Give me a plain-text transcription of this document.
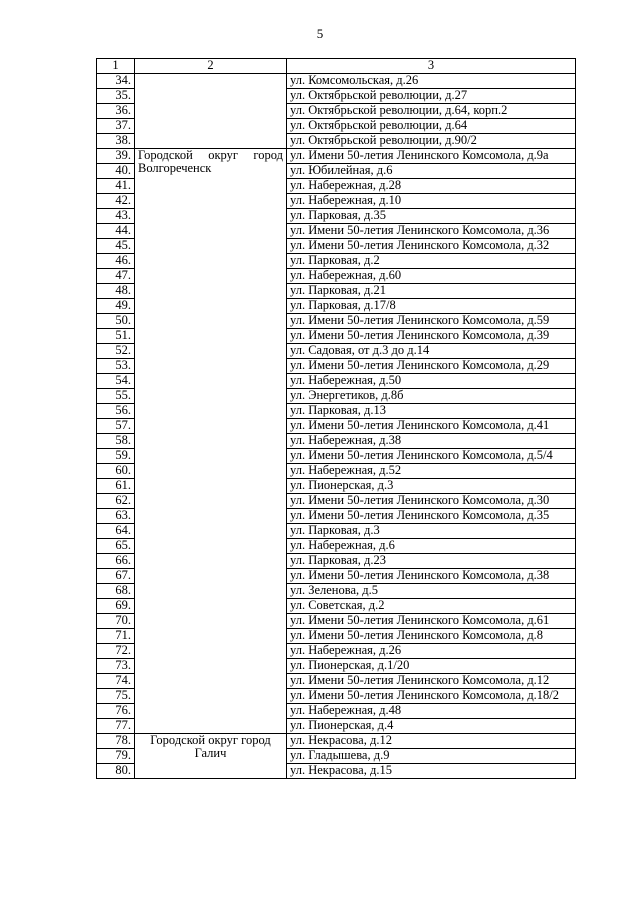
5
1	2	3
34.		ул. Комсомольская, д.26
35.		ул. Октябрьской революции, д.27
36.		ул. Октябрьской революции, д.64, корп.2
37.		ул. Октябрьской революции, д.64
38.		ул. Октябрьской революции, д.90/2
39.	Городской округ город Волгореченск	ул. Имени 50-летия Ленинского Комсомола, д.9а
40.		ул. Юбилейная, д.6
41.		ул. Набережная, д.28
42.		ул. Набережная, д.10
43.		ул. Парковая, д.35
44.		ул. Имени 50-летия Ленинского Комсомола, д.36
45.		ул. Имени 50-летия Ленинского Комсомола, д.32
46.		ул. Парковая, д.2
47.		ул. Набережная, д.60
48.		ул. Парковая, д.21
49.		ул. Парковая, д.17/8
50.		ул. Имени 50-летия Ленинского Комсомола, д.59
51.		ул. Имени 50-летия Ленинского Комсомола, д.39
52.		ул. Садовая, от д.3 до д.14
53.		ул. Имени 50-летия Ленинского Комсомола, д.29
54.		ул. Набережная, д.50
55.		ул. Энергетиков, д.8б
56.		ул. Парковая, д.13
57.		ул. Имени 50-летия Ленинского Комсомола, д.41
58.		ул. Набережная, д.38
59.		ул. Имени 50-летия Ленинского Комсомола, д.5/4
60.		ул. Набережная, д.52
61.		ул. Пионерская, д.3
62.		ул. Имени 50-летия Ленинского Комсомола, д.30
63.		ул. Имени 50-летия Ленинского Комсомола, д.35
64.		ул. Парковая, д.3
65.		ул. Набережная, д.6
66.		ул. Парковая, д.23
67.		ул. Имени 50-летия Ленинского Комсомола, д.38
68.		ул. Зеленова, д.5
69.		ул. Советская, д.2
70.		ул. Имени 50-летия Ленинского Комсомола, д.61
71.		ул. Имени 50-летия Ленинского Комсомола, д.8
72.		ул. Набережная, д.26
73.		ул. Пионерская, д.1/20
74.		ул. Имени 50-летия Ленинского Комсомола, д.12
75.		ул. Имени 50-летия Ленинского Комсомола, д.18/2
76.		ул. Набережная, д.48
77.		ул. Пионерская, д.4
78.	Городской округ город Галич	ул. Некрасова, д.12
79.		ул. Гладышева, д.9
80.		ул. Некрасова, д.15
